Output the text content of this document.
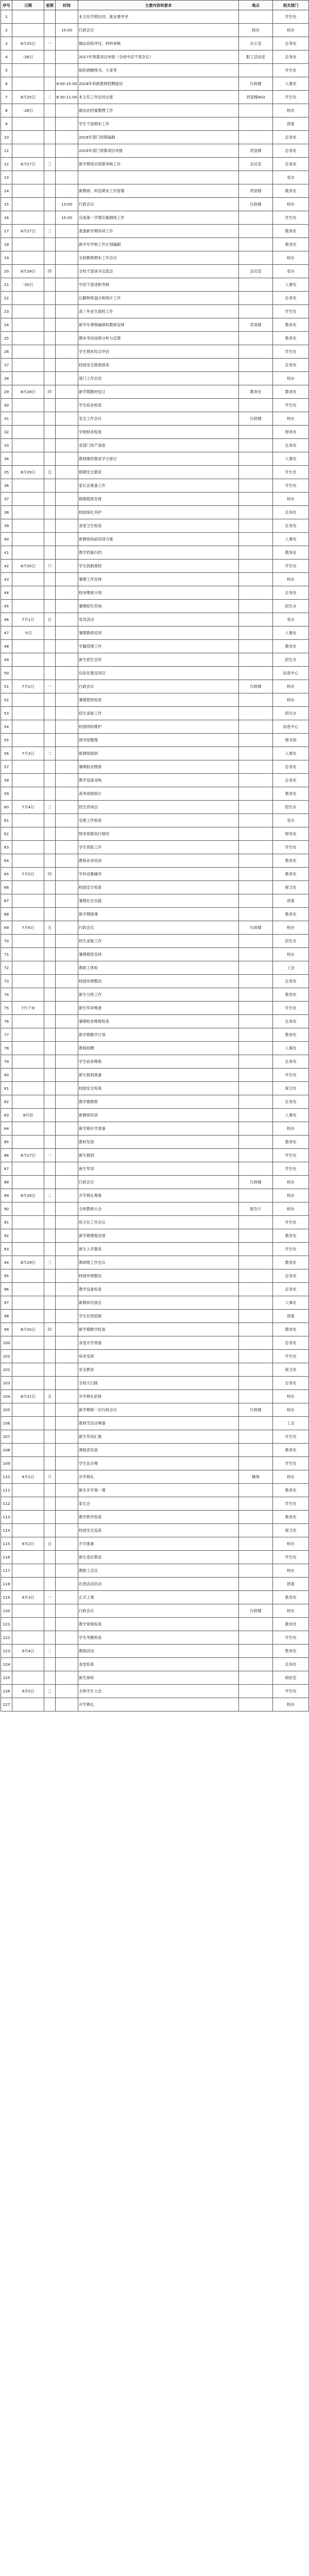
序号	日期	星期	时间	主要内容和要求	地点	相关部门
1				本主任学期总结、就业课考评		学生处
2			15:00	行政会议	校办	校办
3	6月25日	一		做法治检评比、材料审核	办公室	总务处
4	-26日			2017年预算项目申报（全校中层干部会议）	职工活动室	总务处
5				组织捐赠图书、小麦等		学生处
6			8:00-15:00	2018年科新教师招聘面试	行政楼	人事处
7	6月25日	二	8:30-11:00	本主任工作总结交流	君语楼403	学生处
8	-28日			做法治档案整理工作		校办
9				学生干部期末工作		团委
10				2019年部门预算编制		总务处
11				2019年部门预算项目申报	君语楼	总务处
12	6月27日	三		新学期项目预算审核工作	会议室	总务处
13						党办
14				新教师、科室期末工作部署	君语楼	教务处
15			13:00	行政会议	行政楼	校办
16			15:00	完成第一学期实施细则工作		学生处
17	6月27日	三		准备新学期各项工作		教务处
18				新学年学校工作计划编制		教务处
19				全校教师期末工作会议		校办
20	6月28日	四		全校干部读书交流会	会议室	党办
21	-30日			中层干部述职考核		人事处
22				后勤物资盘点和统计工作		总务处
23				高三毕业生离校工作		学生处
24				新学年课程编排和教师安排	君语楼	教务处
25				期末考试成绩分析与反馈		教务处
26				学生期末综合评价		学生处
27				校园安全隐患排查		总务处
28				部门工作总结		校办
29	6月28日	四		新学期教材征订	教务处	教务处
30				学生宿舍检查		学生处
31				安全工作会议	行政楼	校办
32				学校财务检查		财务处
33				各部门资产清查		总务处
34				教师继续教育学分登记		人事处
35	6月29日	五		假期安全教育		学生处
36				家长会准备工作		学生处
37				假期值班安排		校办
38				校园绿化养护		总务处
39				食堂卫生检查		总务处
40				新教师岗前培训方案		人事处
41				教学档案归档		教务处
42	6月30日	六		学生放假离校		学生处
43				暑期工作安排		校办
44				校舍维修计划		总务处
45				暑期招生咨询		招生办
46	7月1日	日		党员活动		党办
47	-5日			暑期教师培训		人事处
48				学籍管理工作		教务处
49				新生招生宣传		招生办
50				信息化建设项目		信息中心
51	7月2日	一		行政会议	行政楼	校办
52				暑期值班检查		校办
53				招生录取工作		招生办
54				校园网络维护		信息中心
55				图书馆整理		图书馆
56	7月3日	二		新教师报到		人事处
57				暑期校舍维修		总务处
58				教学设备采购		总务处
59				高考成绩统计		教务处
60	7月4日	三		招生咨询会		招生办
61				党建工作检查		党办
62				财务预算执行情况		财务处
63				学生资助工作		学生处
64				教师业务培训		教务处
65	7月5日	四		学科竞赛辅导		教务处
66				校园安全检查		保卫处
67				暑期社会实践		团委
68				新学期排课		教务处
69	7月6日	五		行政会议	行政楼	校办
70				招生录取工作		招生办
71				暑期值班安排		校办
72				教职工体检		工会
73				校园环境整治		总务处
74				新生分班工作		教务处
75	7月下旬			新生军训筹备		学生处
76				暑期校舍维修检查		总务处
77				新学期教学计划		教务处
78				教师招聘		人事处
79				学生宿舍维修		总务处
80				新生报到准备		学生处
81				校园安全检查		保卫处
82				教学楼维修		总务处
83	8月份			新教师培训		人事处
84				新学期开学准备		校办
85				教材发放		教务处
86	8月27日	一		新生报到		学生处
87				新生军训		学生处
88				行政会议	行政楼	校办
89	8月28日	二		开学典礼筹备		校办
90				全体教师大会	报告厅	校办
91				班主任工作会议		学生处
92				新学期课程安排		教务处
93				新生入学教育		学生处
94	8月29日	三		教研组工作会议		教务处
95				校园环境整治		总务处
96				教学设备检查		总务处
97				新教师见面会		人事处
98				学生社团招新		团委
99	8月30日	四		新学期教学检查		教务处
100				食堂开学准备		总务处
101				宿舍安排		学生处
102				安全教育		保卫处
103				全校大扫除		总务处
104	8月31日	五		开学典礼彩排		校办
105				新学期第一次行政会议	行政楼	校办
106				教师节活动筹备		工会
107				新生军训汇报		学生处
108				课程表发放		教务处
109				学生证办理		学生处
110	9月1日	六		开学典礼	操场	校办
111				新生开学第一课		教务处
112				家长会		学生处
113				教学秩序检查		教务处
114				校园安全巡查		保卫处
115	9月2日	日		开学准备		校办
116				新生适应教育		学生处
117				教职工会议		校办
118				社团活动启动		团委
119	9月3日	一		正式上课		教务处
120				行政会议	行政楼	校办
121				教学常规检查		教务处
122				学生考勤检查		学生处
123	9月4日	二		教研活动		教务处
124				食堂检查		总务处
125				新生体检		校医室
126	9月5日	三		全体学生大会		学生处
127				开学典礼		校办
